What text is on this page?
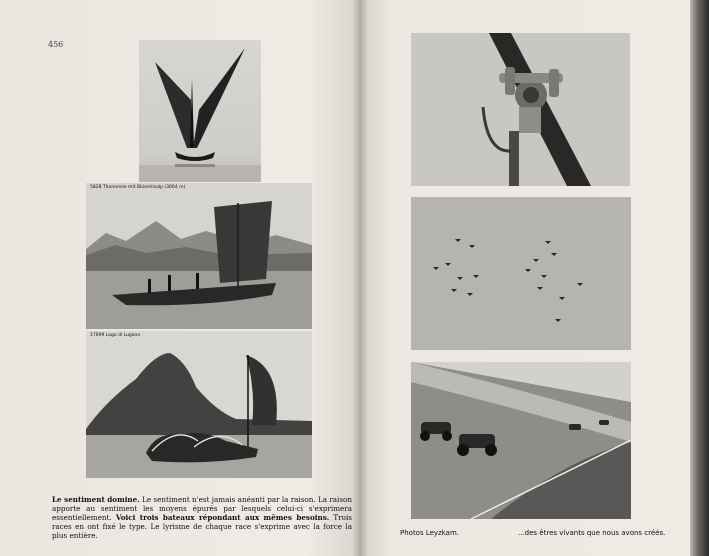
456
5828 Thunersee mit Blüemlisalp (3664 m)
17699 Lago di Lugano
Le sentiment domine. Le sentiment n'est jamais anéanti par la raison. La raison apporte au sentiment les moyens épurés par lesquels celui-ci s'exprimera essentiellement. Voici trois bateaux répondant aux mêmes besoins. Trois races en ont fixé le type. Le lyrisme de chaque race s'exprime avec la force la plus entière.	Photos Leyzkam.	...des êtres vivants que nous avons créés.
